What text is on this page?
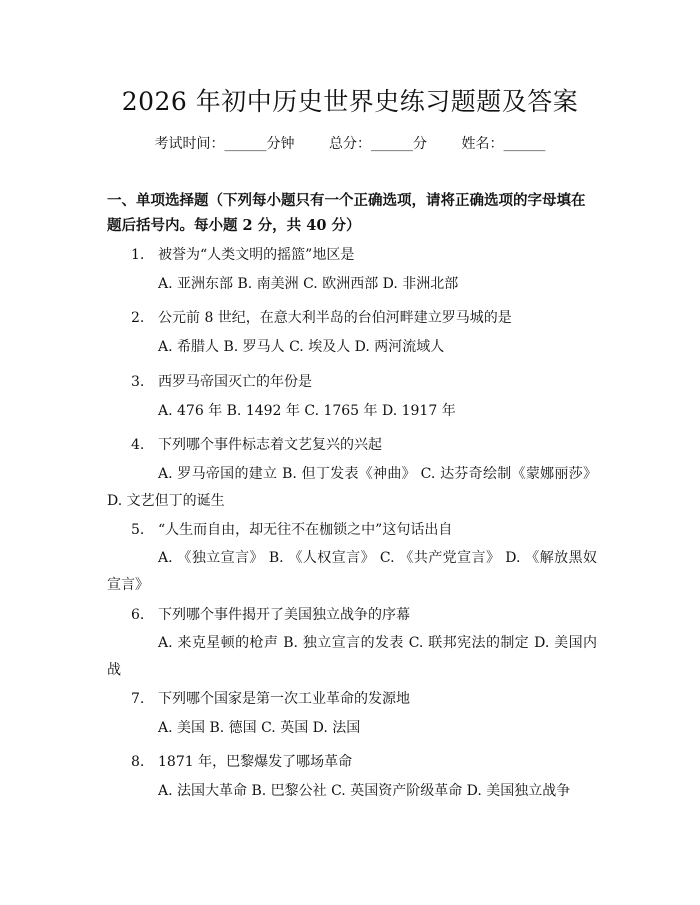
2026 年初中历史世界史练习题题及答案
考试时间：______分钟 总分：______分 姓名：______
一、单项选择题（下列每小题只有一个正确选项，请将正确选项的字母填在题后括号内。每小题 2 分，共 40 分）
1. 被誉为“人类文明的摇篮”地区是
A. 亚洲东部 B. 南美洲 C. 欧洲西部 D. 非洲北部
2. 公元前 8 世纪，在意大利半岛的台伯河畔建立罗马城的是
A. 希腊人 B. 罗马人 C. 埃及人 D. 两河流域人
3. 西罗马帝国灭亡的年份是
A. 476 年 B. 1492 年 C. 1765 年 D. 1917 年
4. 下列哪个事件标志着文艺复兴的兴起
A. 罗马帝国的建立 B. 但丁发表《神曲》 C. 达芬奇绘制《蒙娜丽莎》 D. 文艺但丁的诞生
5. “人生而自由，却无往不在枷锁之中”这句话出自
A. 《独立宣言》 B. 《人权宣言》 C. 《共产党宣言》 D. 《解放黑奴宣言》
6. 下列哪个事件揭开了美国独立战争的序幕
A. 来克星顿的枪声 B. 独立宣言的发表 C. 联邦宪法的制定 D. 美国内战
7. 下列哪个国家是第一次工业革命的发源地
A. 美国 B. 德国 C. 英国 D. 法国
8. 1871 年，巴黎爆发了哪场革命
A. 法国大革命 B. 巴黎公社 C. 英国资产阶级革命 D. 美国独立战争
